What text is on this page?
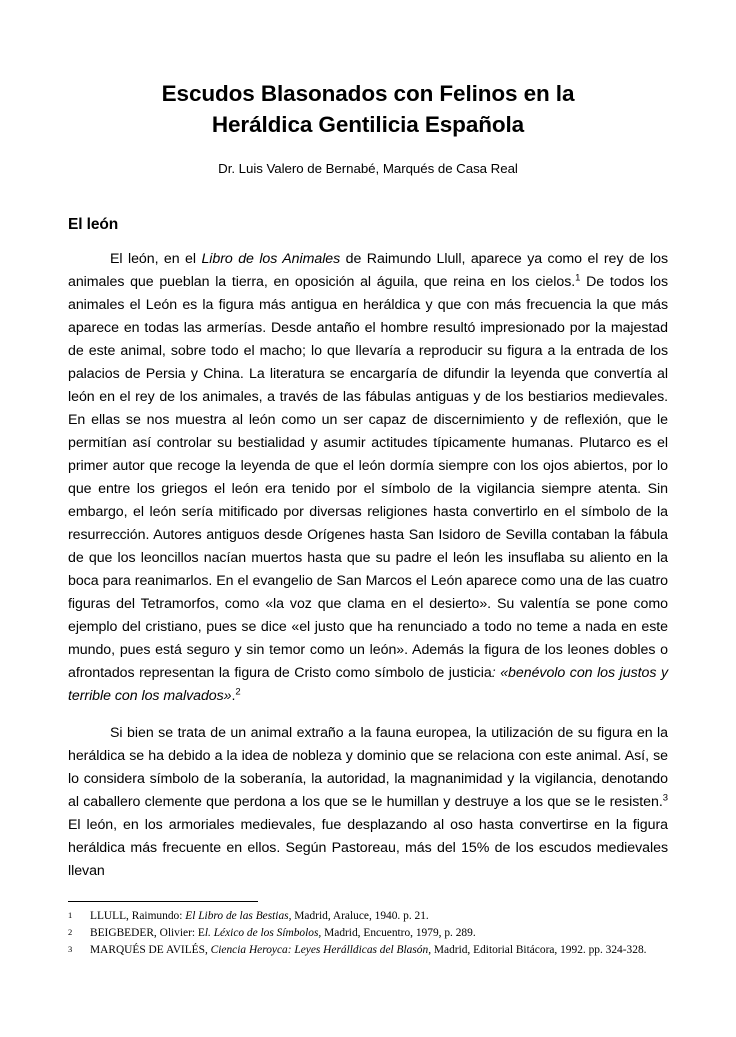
Escudos Blasonados con Felinos en la
Heráldica Gentilicia Española
Dr. Luis Valero de Bernabé, Marqués de Casa Real
El león

El león, en el Libro de los Animales de Raimundo Llull, aparece ya como el rey de los animales que pueblan la tierra, en oposición al águila, que reina en los cielos.$^1$ De todos los animales el León es la figura más antigua en heráldica y que con más frecuencia la que más aparece en todas las armerías. Desde antaño el hombre resultó impresionado por la majestad de este animal, sobre todo el macho; lo que llevaría a reproducir su figura a la entrada de los palacios de Persia y China. La literatura se encargaría de difundir la leyenda que convertía al león en el rey de los animales, a través de las fábulas antiguas y de los bestiarios medievales. En ellas se nos muestra al león como un ser capaz de discernimiento y de reflexión, que le permitían así controlar su bestialidad y asumir actitudes típicamente humanas. Plutarco es el primer autor que recoge la leyenda de que el león dormía siempre con los ojos abiertos, por lo que entre los griegos el león era tenido por el símbolo de la vigilancia siempre atenta. Sin embargo, el león sería mitificado por diversas religiones hasta convertirlo en el símbolo de la resurrección. Autores antiguos desde Orígenes hasta San Isidoro de Sevilla contaban la fábula de que los leoncillos nacían muertos hasta que su padre el león les insuflaba su aliento en la boca para reanimarlos. En el evangelio de San Marcos el León aparece como una de las cuatro figuras del Tetramorfos, como «la voz que clama en el desierto». Su valentía se pone como ejemplo del cristiano, pues se dice «el justo que ha renunciado a todo no teme a nada en este mundo, pues está seguro y sin temor como un león». Además la figura de los leones dobles o afrontados representan la figura de Cristo como símbolo de justicia: «benévolo con los justos y terrible con los malvados».$^2$

Si bien se trata de un animal extraño a la fauna europea, la utilización de su figura en la heráldica se ha debido a la idea de nobleza y dominio que se relaciona con este animal. Así, se lo considera símbolo de la soberanía, la autoridad, la magnanimidad y la vigilancia, denotando al caballero clemente que perdona a los que se le humillan y destruye a los que se le resisten.$^3$ El león, en los armoriales medievales, fue desplazando al oso hasta convertirse en la figura heráldica más frecuente en ellos. Según Pastoreau, más del 15% de los escudos medievales llevan

1	LLULL, Raimundo: El Libro de las Bestias, Madrid, Araluce, 1940. p. 21.
2	BEIGBEDER, Olivier: El. Léxico de los Símbolos, Madrid, Encuentro, 1979, p. 289.
3	MARQUÉS DE AVILÉS, Ciencia Heroyca: Leyes Herálldicas del Blasón, Madrid, Editorial Bitácora, 1992. pp. 324-328.
